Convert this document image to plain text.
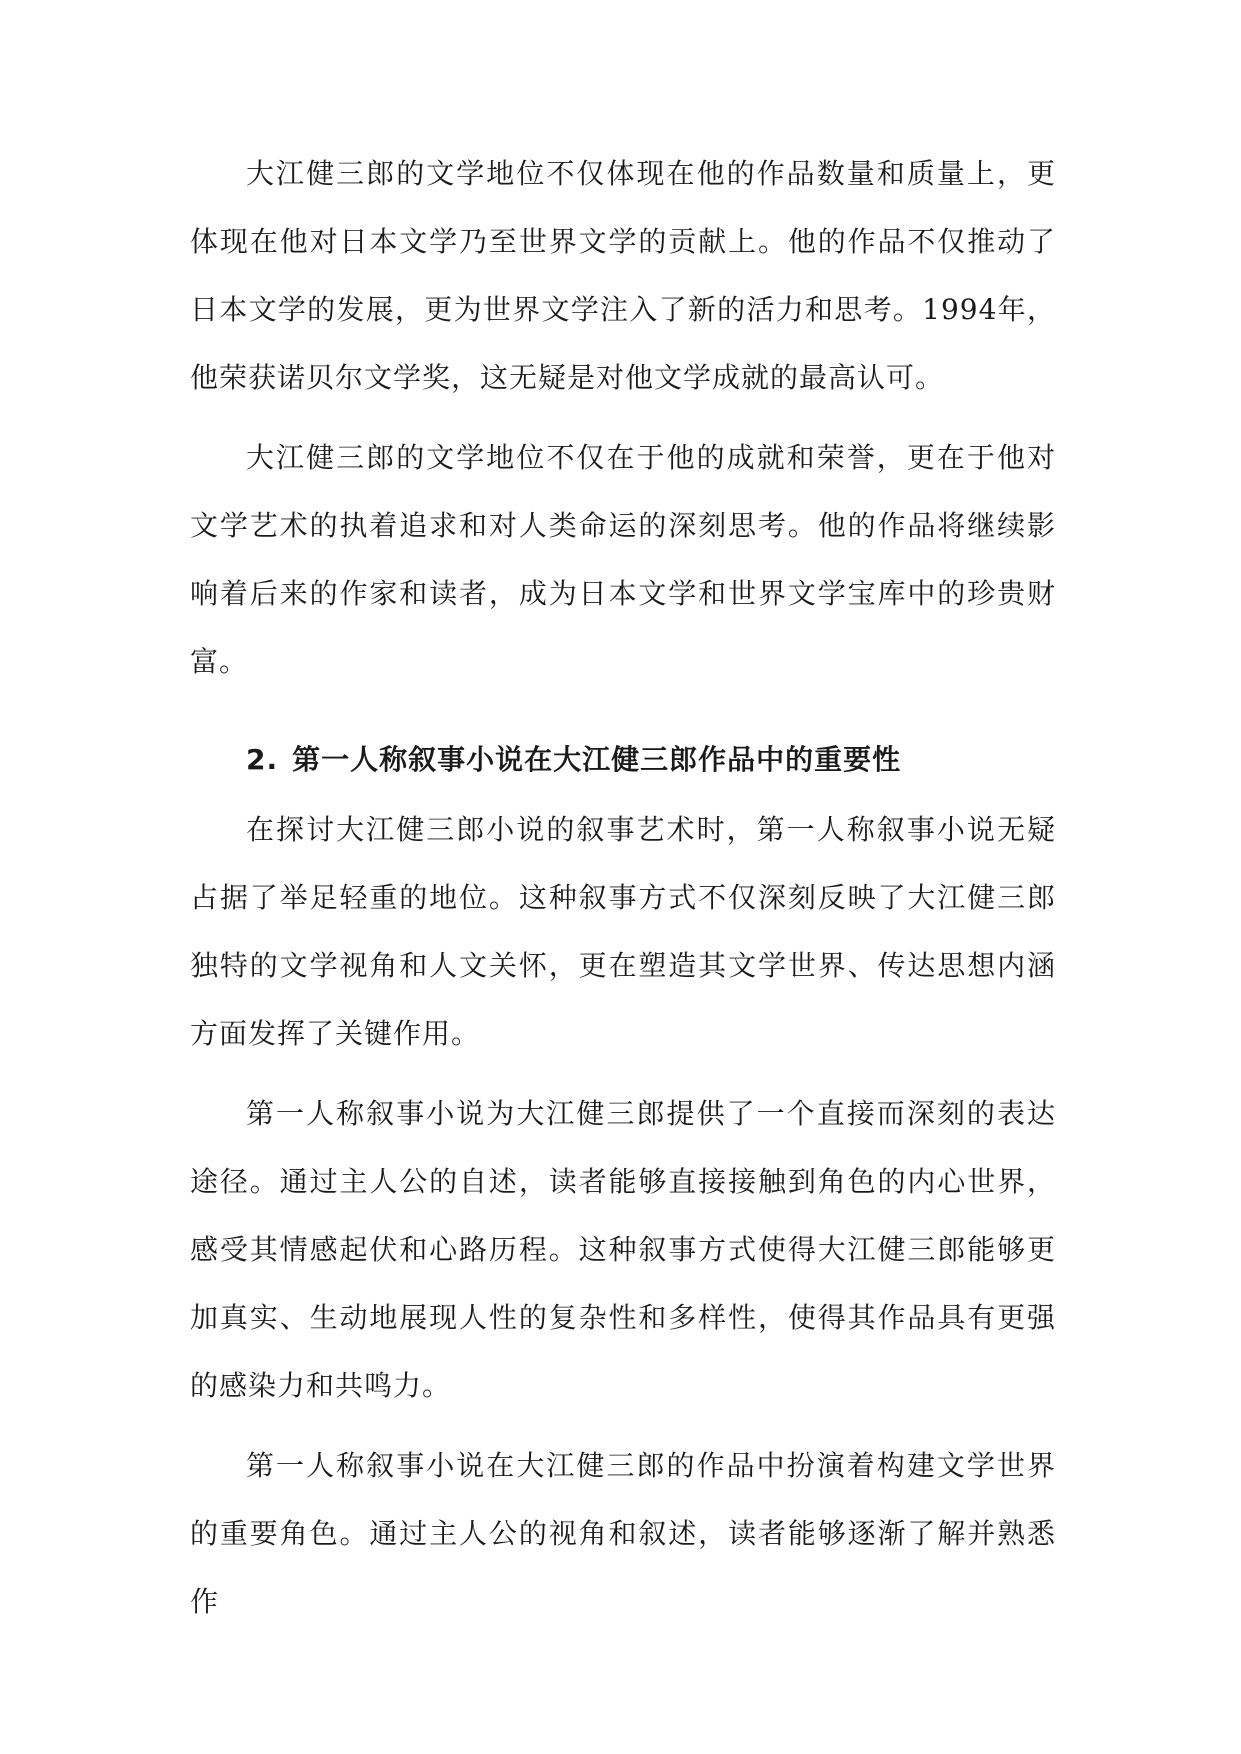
大江健三郎的文学地位不仅体现在他的作品数量和质量上，更体现在他对日本文学乃至世界文学的贡献上。他的作品不仅推动了日本文学的发展，更为世界文学注入了新的活力和思考。1994年，他荣获诺贝尔文学奖，这无疑是对他文学成就的最高认可。

大江健三郎的文学地位不仅在于他的成就和荣誉，更在于他对文学艺术的执着追求和对人类命运的深刻思考。他的作品将继续影响着后来的作家和读者，成为日本文学和世界文学宝库中的珍贵财富。

2. 第一人称叙事小说在大江健三郎作品中的重要性

在探讨大江健三郎小说的叙事艺术时，第一人称叙事小说无疑占据了举足轻重的地位。这种叙事方式不仅深刻反映了大江健三郎独特的文学视角和人文关怀，更在塑造其文学世界、传达思想内涵方面发挥了关键作用。

第一人称叙事小说为大江健三郎提供了一个直接而深刻的表达途径。通过主人公的自述，读者能够直接接触到角色的内心世界，感受其情感起伏和心路历程。这种叙事方式使得大江健三郎能够更加真实、生动地展现人性的复杂性和多样性，使得其作品具有更强的感染力和共鸣力。

第一人称叙事小说在大江健三郎的作品中扮演着构建文学世界的重要角色。通过主人公的视角和叙述，读者能够逐渐了解并熟悉作
